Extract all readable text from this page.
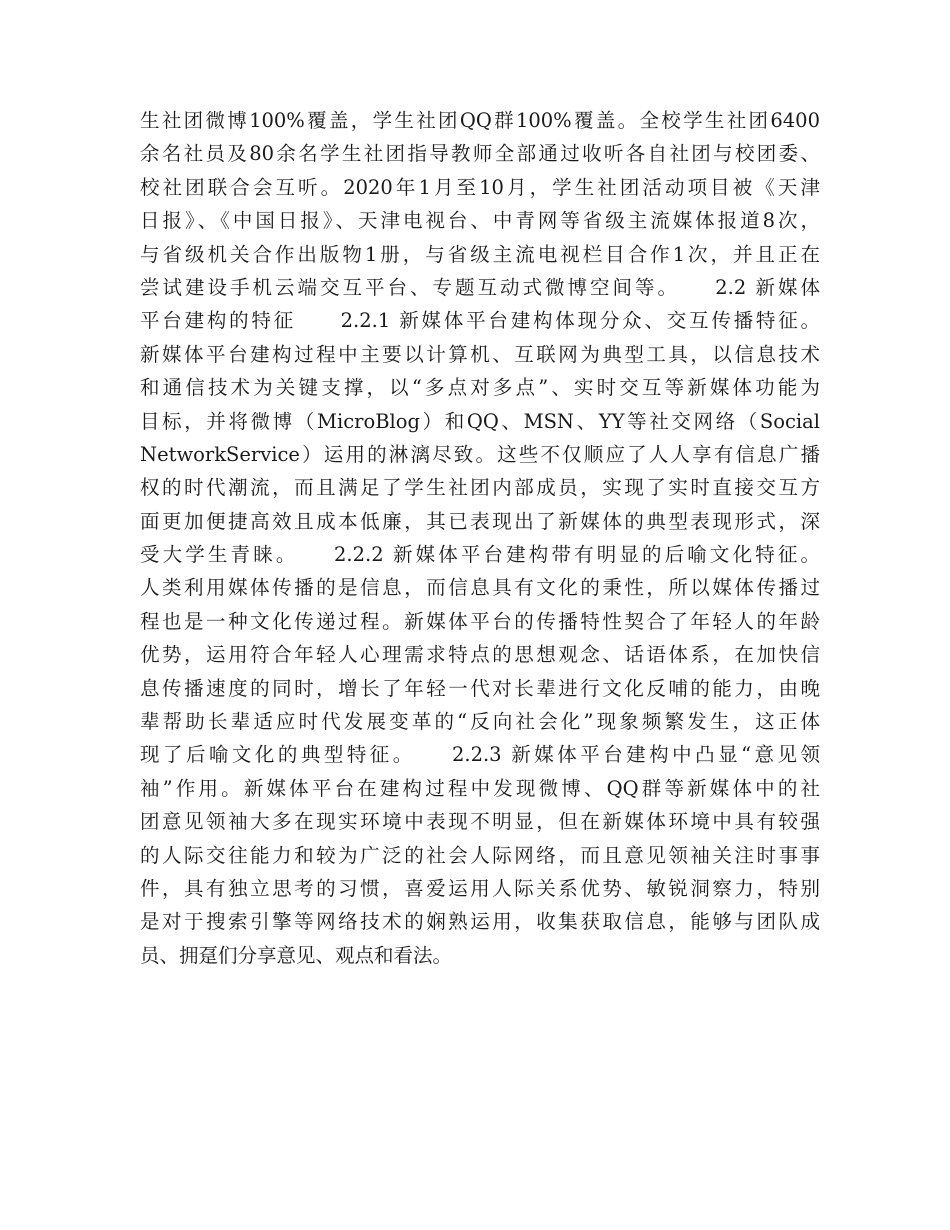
生社团微博100%覆盖，学生社团QQ群100%覆盖。全校学生社团6400
余名社员及80余名学生社团指导教师全部通过收听各自社团与校团委、
校社团联合会互听。2020年1月至10月，学生社团活动项目被《天津
日报》、《中国日报》、天津电视台、中青网等省级主流媒体报道8次，
与省级机关合作出版物1册，与省级主流电视栏目合作1次，并且正在
尝试建设手机云端交互平台、专题互动式微博空间等。　　2.2 新媒体
平台建构的特征　　2.2.1 新媒体平台建构体现分众、交互传播特征。
新媒体平台建构过程中主要以计算机、互联网为典型工具，以信息技术
和通信技术为关键支撑，以“多点对多点”、实时交互等新媒体功能为
目标，并将微博（MicroBlog）和QQ、MSN、YY等社交网络（Social
NetworkService）运用的淋漓尽致。这些不仅顺应了人人享有信息广播
权的时代潮流，而且满足了学生社团内部成员，实现了实时直接交互方
面更加便捷高效且成本低廉，其已表现出了新媒体的典型表现形式，深
受大学生青睐。　　2.2.2 新媒体平台建构带有明显的后喻文化特征。
人类利用媒体传播的是信息，而信息具有文化的秉性，所以媒体传播过
程也是一种文化传递过程。新媒体平台的传播特性契合了年轻人的年龄
优势，运用符合年轻人心理需求特点的思想观念、话语体系，在加快信
息传播速度的同时，增长了年轻一代对长辈进行文化反哺的能力，由晚
辈帮助长辈适应时代发展变革的“反向社会化”现象频繁发生，这正体
现了后喻文化的典型特征。　　2.2.3 新媒体平台建构中凸显“意见领
袖”作用。新媒体平台在建构过程中发现微博、QQ群等新媒体中的社
团意见领袖大多在现实环境中表现不明显，但在新媒体环境中具有较强
的人际交往能力和较为广泛的社会人际网络，而且意见领袖关注时事事
件，具有独立思考的习惯，喜爱运用人际关系优势、敏锐洞察力，特别
是对于搜索引擎等网络技术的娴熟运用，收集获取信息，能够与团队成
员、拥趸们分享意见、观点和看法。
